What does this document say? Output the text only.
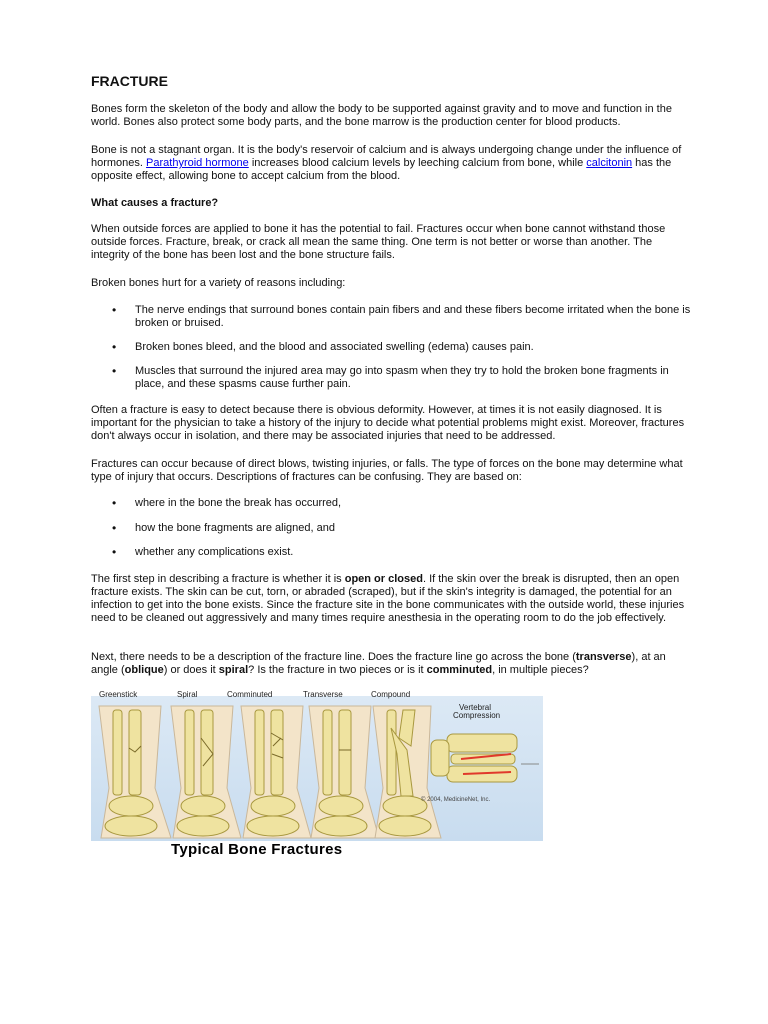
FRACTURE

Bones form the skeleton of the body and allow the body to be supported against gravity and to move and function in the world. Bones also protect some body parts, and the bone marrow is the production center for blood products.

Bone is not a stagnant organ. It is the body's reservoir of calcium and is always undergoing change under the influence of hormones. Parathyroid hormone increases blood calcium levels by leeching calcium from bone, while calcitonin has the opposite effect, allowing bone to accept calcium from the blood.

What causes a fracture?

When outside forces are applied to bone it has the potential to fail. Fractures occur when bone cannot withstand those outside forces. Fracture, break, or crack all mean the same thing. One term is not better or worse than another. The integrity of the bone has been lost and the bone structure fails.

Broken bones hurt for a variety of reasons including:

• The nerve endings that surround bones contain pain fibers and and these fibers become irritated when the bone is broken or bruised.
• Broken bones bleed, and the blood and associated swelling (edema) causes pain.
• Muscles that surround the injured area may go into spasm when they try to hold the broken bone fragments in place, and these spasms cause further pain.

Often a fracture is easy to detect because there is obvious deformity. However, at times it is not easily diagnosed. It is important for the physician to take a history of the injury to decide what potential problems might exist. Moreover, fractures don't always occur in isolation, and there may be associated injuries that need to be addressed.

Fractures can occur because of direct blows, twisting injuries, or falls. The type of forces on the bone may determine what type of injury that occurs. Descriptions of fractures can be confusing. They are based on:

• where in the bone the break has occurred,
• how the bone fragments are aligned, and
• whether any complications exist.

The first step in describing a fracture is whether it is open or closed. If the skin over the break is disrupted, then an open fracture exists. The skin can be cut, torn, or abraded (scraped), but if the skin's integrity is damaged, the potential for an infection to get into the bone exists. Since the fracture site in the bone communicates with the outside world, these injuries need to be cleaned out aggressively and many times require anesthesia in the operating room to do the job effectively.

Next, there needs to be a description of the fracture line. Does the fracture line go across the bone (transverse), at an angle (oblique) or does it spiral? Is the fracture in two pieces or is it comminuted, in multiple pieces?

Greenstick	Spiral	Comminuted	Transverse	Compound
Vertebral
Compression
© 2004, MedicineNet, Inc.
Typical Bone Fractures
